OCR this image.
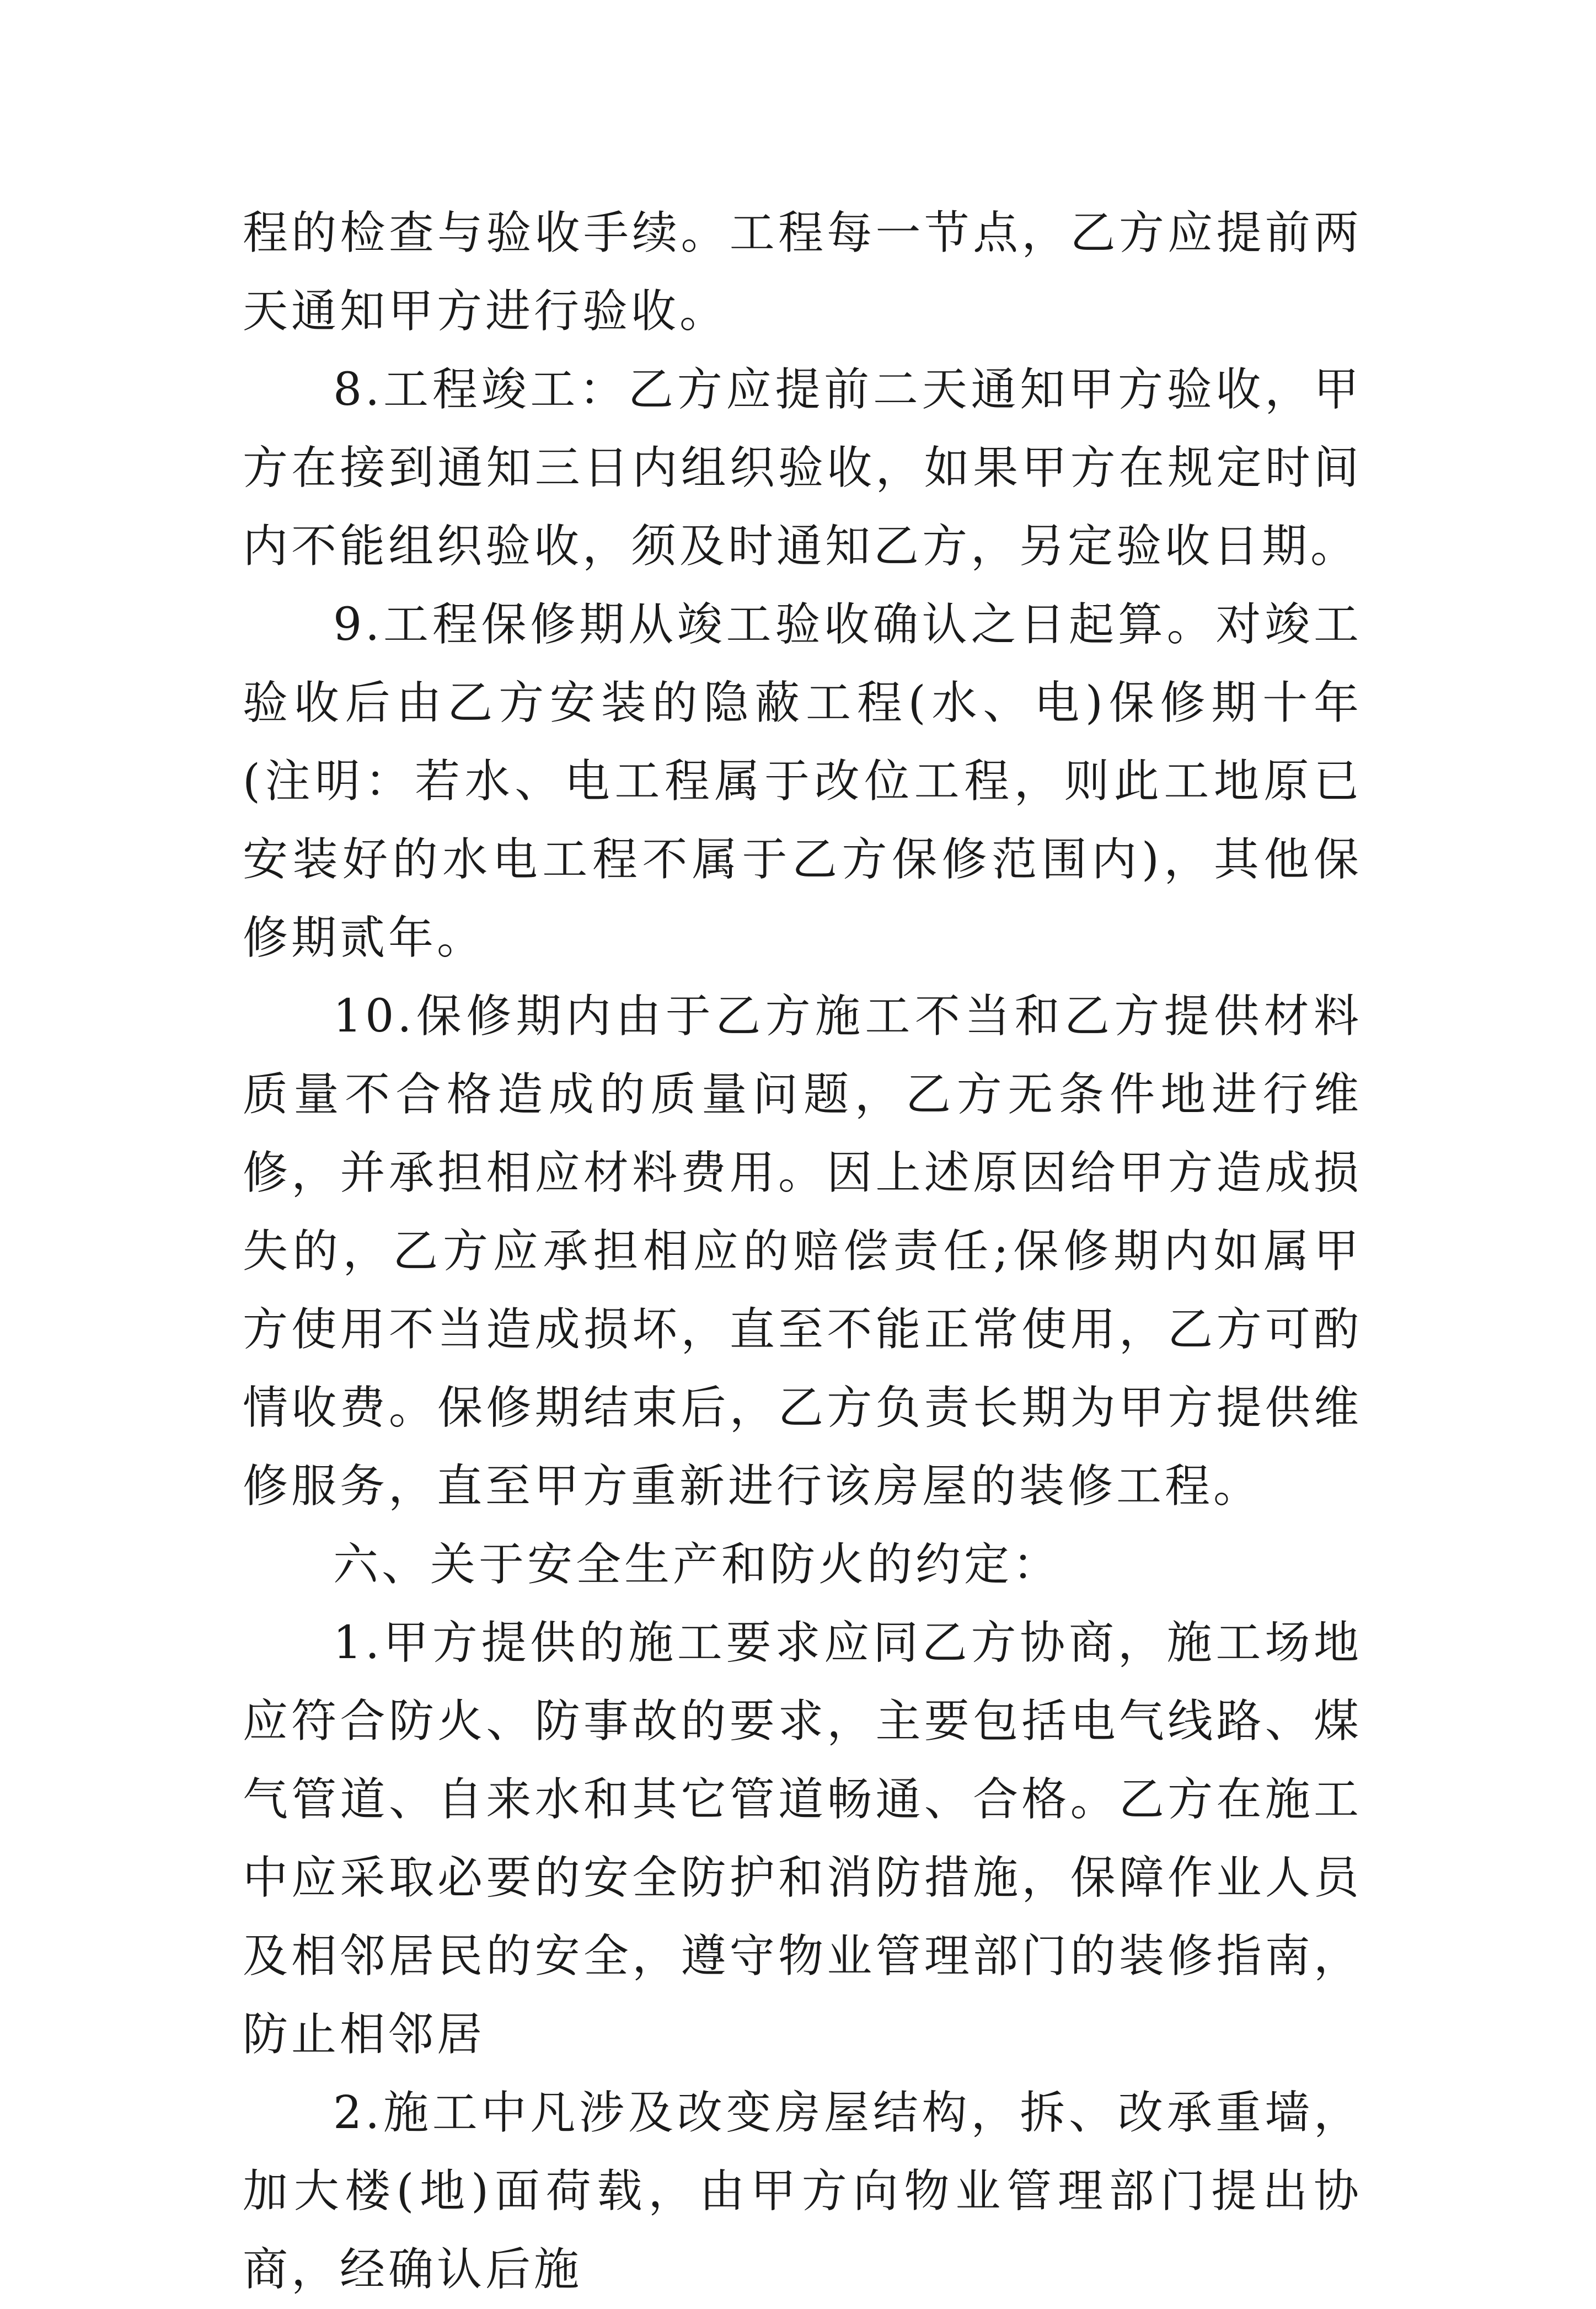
程的检查与验收手续。工程每一节点，乙方应提前两天通知甲方进行验收。

8.工程竣工：乙方应提前二天通知甲方验收，甲方在接到通知三日内组织验收，如果甲方在规定时间内不能组织验收，须及时通知乙方，另定验收日期。

9.工程保修期从竣工验收确认之日起算。对竣工验收后由乙方安装的隐蔽工程(水、电)保修期十年(注明：若水、电工程属于改位工程，则此工地原已安装好的水电工程不属于乙方保修范围内)，其他保修期贰年。

10.保修期内由于乙方施工不当和乙方提供材料质量不合格造成的质量问题，乙方无条件地进行维修，并承担相应材料费用。因上述原因给甲方造成损失的，乙方应承担相应的赔偿责任;保修期内如属甲方使用不当造成损坏，直至不能正常使用，乙方可酌情收费。保修期结束后，乙方负责长期为甲方提供维修服务，直至甲方重新进行该房屋的装修工程。

六、关于安全生产和防火的约定：

1.甲方提供的施工要求应同乙方协商，施工场地应符合防火、防事故的要求，主要包括电气线路、煤气管道、自来水和其它管道畅通、合格。乙方在施工中应采取必要的安全防护和消防措施，保障作业人员及相邻居民的安全，遵守物业管理部门的装修指南，防止相邻居

2.施工中凡涉及改变房屋结构，拆、改承重墙，加大楼(地)面荷载，由甲方向物业管理部门提出协商，经确认后施
